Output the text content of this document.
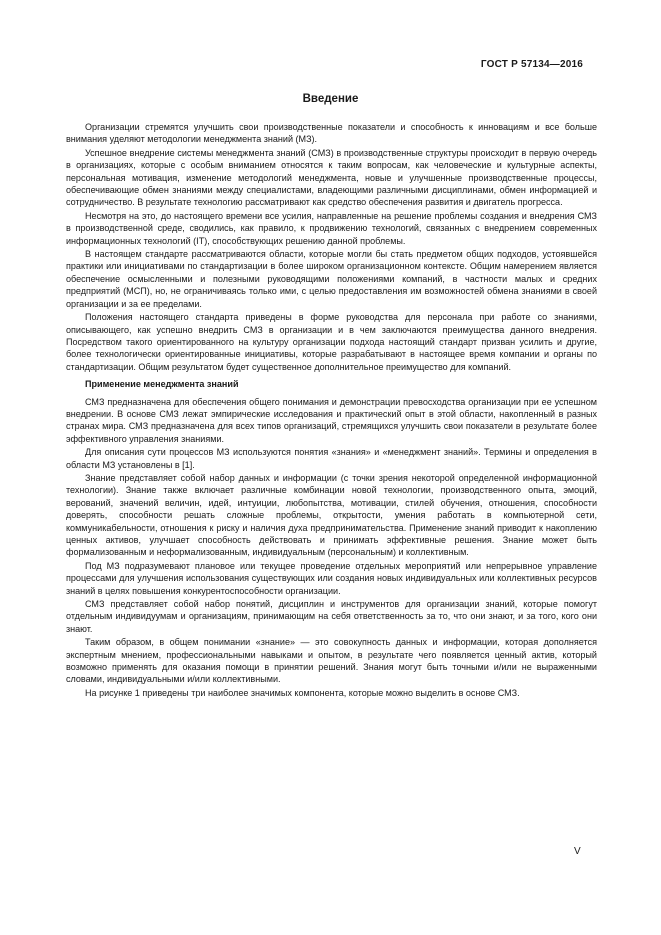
ГОСТ Р 57134—2016
Введение

Организации стремятся улучшить свои производственные показатели и способность к инновациям и все больше внимания уделяют методологии менеджмента знаний (МЗ).

Успешное внедрение системы менеджмента знаний (СМЗ) в производственные структуры происходит в первую очередь в организациях, которые с особым вниманием относятся к таким вопросам, как человеческие и культурные аспекты, персональная мотивация, изменение методологий менеджмента, новые и улучшенные производственные процессы, обеспечивающие обмен знаниями между специалистами, владеющими различными дисциплинами, обмен информацией и сотрудничество. В результате технологию рассматривают как средство обеспечения развития и двигатель прогресса.

Несмотря на это, до настоящего времени все усилия, направленные на решение проблемы создания и внедрения СМЗ в производственной среде, сводились, как правило, к продвижению технологий, связанных с внедрением современных информационных технологий (IT), способствующих решению данной проблемы.

В настоящем стандарте рассматриваются области, которые могли бы стать предметом общих подходов, устоявшейся практики или инициативами по стандартизации в более широком организационном контексте. Общим намерением является обеспечение осмысленными и полезными руководящими положениями компаний, в частности малых и средних предприятий (МСП), но, не ограничиваясь только ими, с целью предоставления им возможностей обмена знаниями в своей организации и за ее пределами.

Положения настоящего стандарта приведены в форме руководства для персонала при работе со знаниями, описывающего, как успешно внедрить СМЗ в организации и в чем заключаются преимущества данного внедрения. Посредством такого ориентированного на культуру организации подхода настоящий стандарт призван усилить и другие, более технологически ориентированные инициативы, которые разрабатывают в настоящее время компании и органы по стандартизации. Общим результатом будет существенное дополнительное преимущество для компаний.

Применение менеджмента знаний

СМЗ предназначена для обеспечения общего понимания и демонстрации превосходства организации при ее успешном внедрении. В основе СМЗ лежат эмпирические исследования и практический опыт в этой области, накопленный в разных странах мира. СМЗ предназначена для всех типов организаций, стремящихся улучшить свои показатели в результате более эффективного управления знаниями.

Для описания сути процессов МЗ используются понятия «знания» и «менеджмент знаний». Термины и определения в области МЗ установлены в [1].

Знание представляет собой набор данных и информации (с точки зрения некоторой определенной информационной технологии). Знание также включает различные комбинации новой технологии, производственного опыта, эмоций, верований, значений величин, идей, интуиции, любопытства, мотивации, стилей обучения, отношения, способности доверять, способности решать сложные проблемы, открытости, умения работать в компьютерной сети, коммуникабельности, отношения к риску и наличия духа предпринимательства. Применение знаний приводит к накоплению ценных активов, улучшает способность действовать и принимать эффективные решения. Знание может быть формализованным и неформализованным, индивидуальным (персональным) и коллективным.

Под МЗ подразумевают плановое или текущее проведение отдельных мероприятий или непрерывное управление процессами для улучшения использования существующих или создания новых индивидуальных или коллективных ресурсов знаний в целях повышения конкурентоспособности организации.

СМЗ представляет собой набор понятий, дисциплин и инструментов для организации знаний, которые помогут отдельным индивидуумам и организациям, принимающим на себя ответственность за то, что они знают, и за того, кого они знают.

Таким образом, в общем понимании «знание» — это совокупность данных и информации, которая дополняется экспертным мнением, профессиональными навыками и опытом, в результате чего появляется ценный актив, который возможно применять для оказания помощи в принятии решений. Знания могут быть точными и/или не выраженными словами, индивидуальными и/или коллективными.

На рисунке 1 приведены три наиболее значимых компонента, которые можно выделить в основе СМЗ.

V
